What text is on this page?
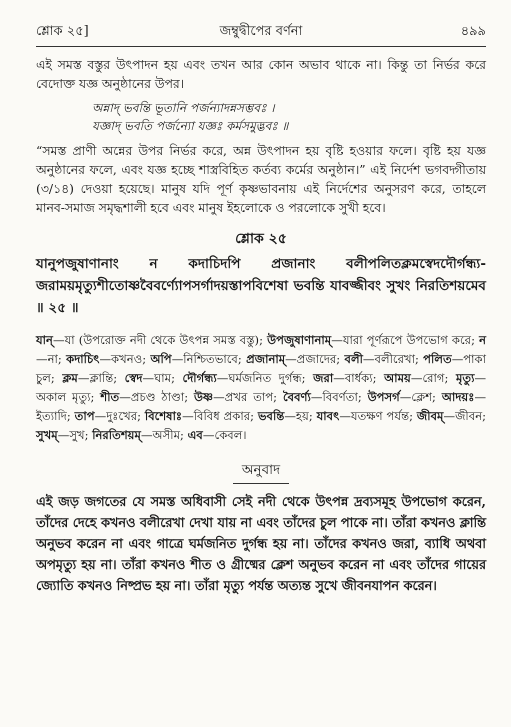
শ্লোক ২৫]	জম্বুদ্বীপের বর্ণনা	৪৯৯

এই সমস্ত বস্তুর উৎপাদন হয় এবং তখন আর কোন অভাব থাকে না। কিন্তু তা নির্ভর করে বেদোক্ত যজ্ঞ অনুষ্ঠানের উপর।

অন্নাদ্ ভবন্তি ভূতানি পর্জন্যাদন্নসম্ভবঃ ।
যজ্ঞাদ্ ভবতি পর্জন্যো যজ্ঞঃ কর্মসমুদ্ভবঃ ॥

“সমস্ত প্রাণী অন্নের উপর নির্ভর করে, অন্ন উৎপাদন হয় বৃষ্টি হওয়ার ফলে। বৃষ্টি হয় যজ্ঞ অনুষ্ঠানের ফলে, এবং যজ্ঞ হচ্ছে শাস্ত্রবিহিত কর্তব্য কর্মের অনুষ্ঠান।” এই নির্দেশ ভগবদ্গীতায় (৩/১৪) দেওয়া হয়েছে। মানুষ যদি পূর্ণ কৃষ্ণভাবনায় এই নির্দেশের অনুসরণ করে, তাহলে মানব-সমাজ সমৃদ্ধশালী হবে এবং মানুষ ইহলোকে ও পরলোকে সুখী হবে।

শ্লোক ২৫

যানুপজুষাণানাং ন কদাচিদপি প্রজানাং বলীপলিতক্লমস্বেদদৌর্গন্ধ্য-জরাময়মৃত্যুশীতোষ্ণবৈবর্ণ্যোপসর্গাদয়স্তাপবিশেষা ভবন্তি যাবজ্জীবং সুখং নিরতিশয়মেব ॥ ২৫ ॥

যান্—যা (উপরোক্ত নদী থেকে উৎপন্ন সমস্ত বস্তু); উপজুষাণানাম্—যারা পূর্ণরূপে উপভোগ করে; ন—না; কদাচিৎ—কখনও; অপি—নিশ্চিতভাবে; প্রজানাম্—প্রজাদের; বলী—বলীরেখা; পলিত—পাকা চুল; ক্লম—ক্লান্তি; স্বেদ—ঘাম; দৌর্গন্ধ্য—ঘর্মজনিত দুর্গন্ধ; জরা—বার্ধক্য; আময়—রোগ; মৃত্যু—অকাল মৃত্যু; শীত—প্রচণ্ড ঠাণ্ডা; উষ্ণ—প্রখর তাপ; বৈবর্ণ্য—বিবর্ণতা; উপসর্গ—ক্লেশ; আদয়ঃ—ইত্যাদি; তাপ—দুঃখের; বিশেষাঃ—বিবিধ প্রকার; ভবন্তি—হয়; যাবৎ—যতক্ষণ পর্যন্ত; জীবম্—জীবন; সুখম্—সুখ; নিরতিশয়ম্—অসীম; এব—কেবল।

অনুবাদ

এই জড় জগতের যে সমস্ত অধিবাসী সেই নদী থেকে উৎপন্ন দ্রব্যসমূহ উপভোগ করেন, তাঁদের দেহে কখনও বলীরেখা দেখা যায় না এবং তাঁদের চুল পাকে না। তাঁরা কখনও ক্লান্তি অনুভব করেন না এবং গাত্রে ঘর্মজনিত দুর্গন্ধ হয় না। তাঁদের কখনও জরা, ব্যাধি অথবা অপমৃত্যু হয় না। তাঁরা কখনও শীত ও গ্রীষ্মের ক্লেশ অনুভব করেন না এবং তাঁদের গায়ের জ্যোতি কখনও নিষ্প্রভ হয় না। তাঁরা মৃত্যু পর্যন্ত অত্যন্ত সুখে জীবনযাপন করেন।
